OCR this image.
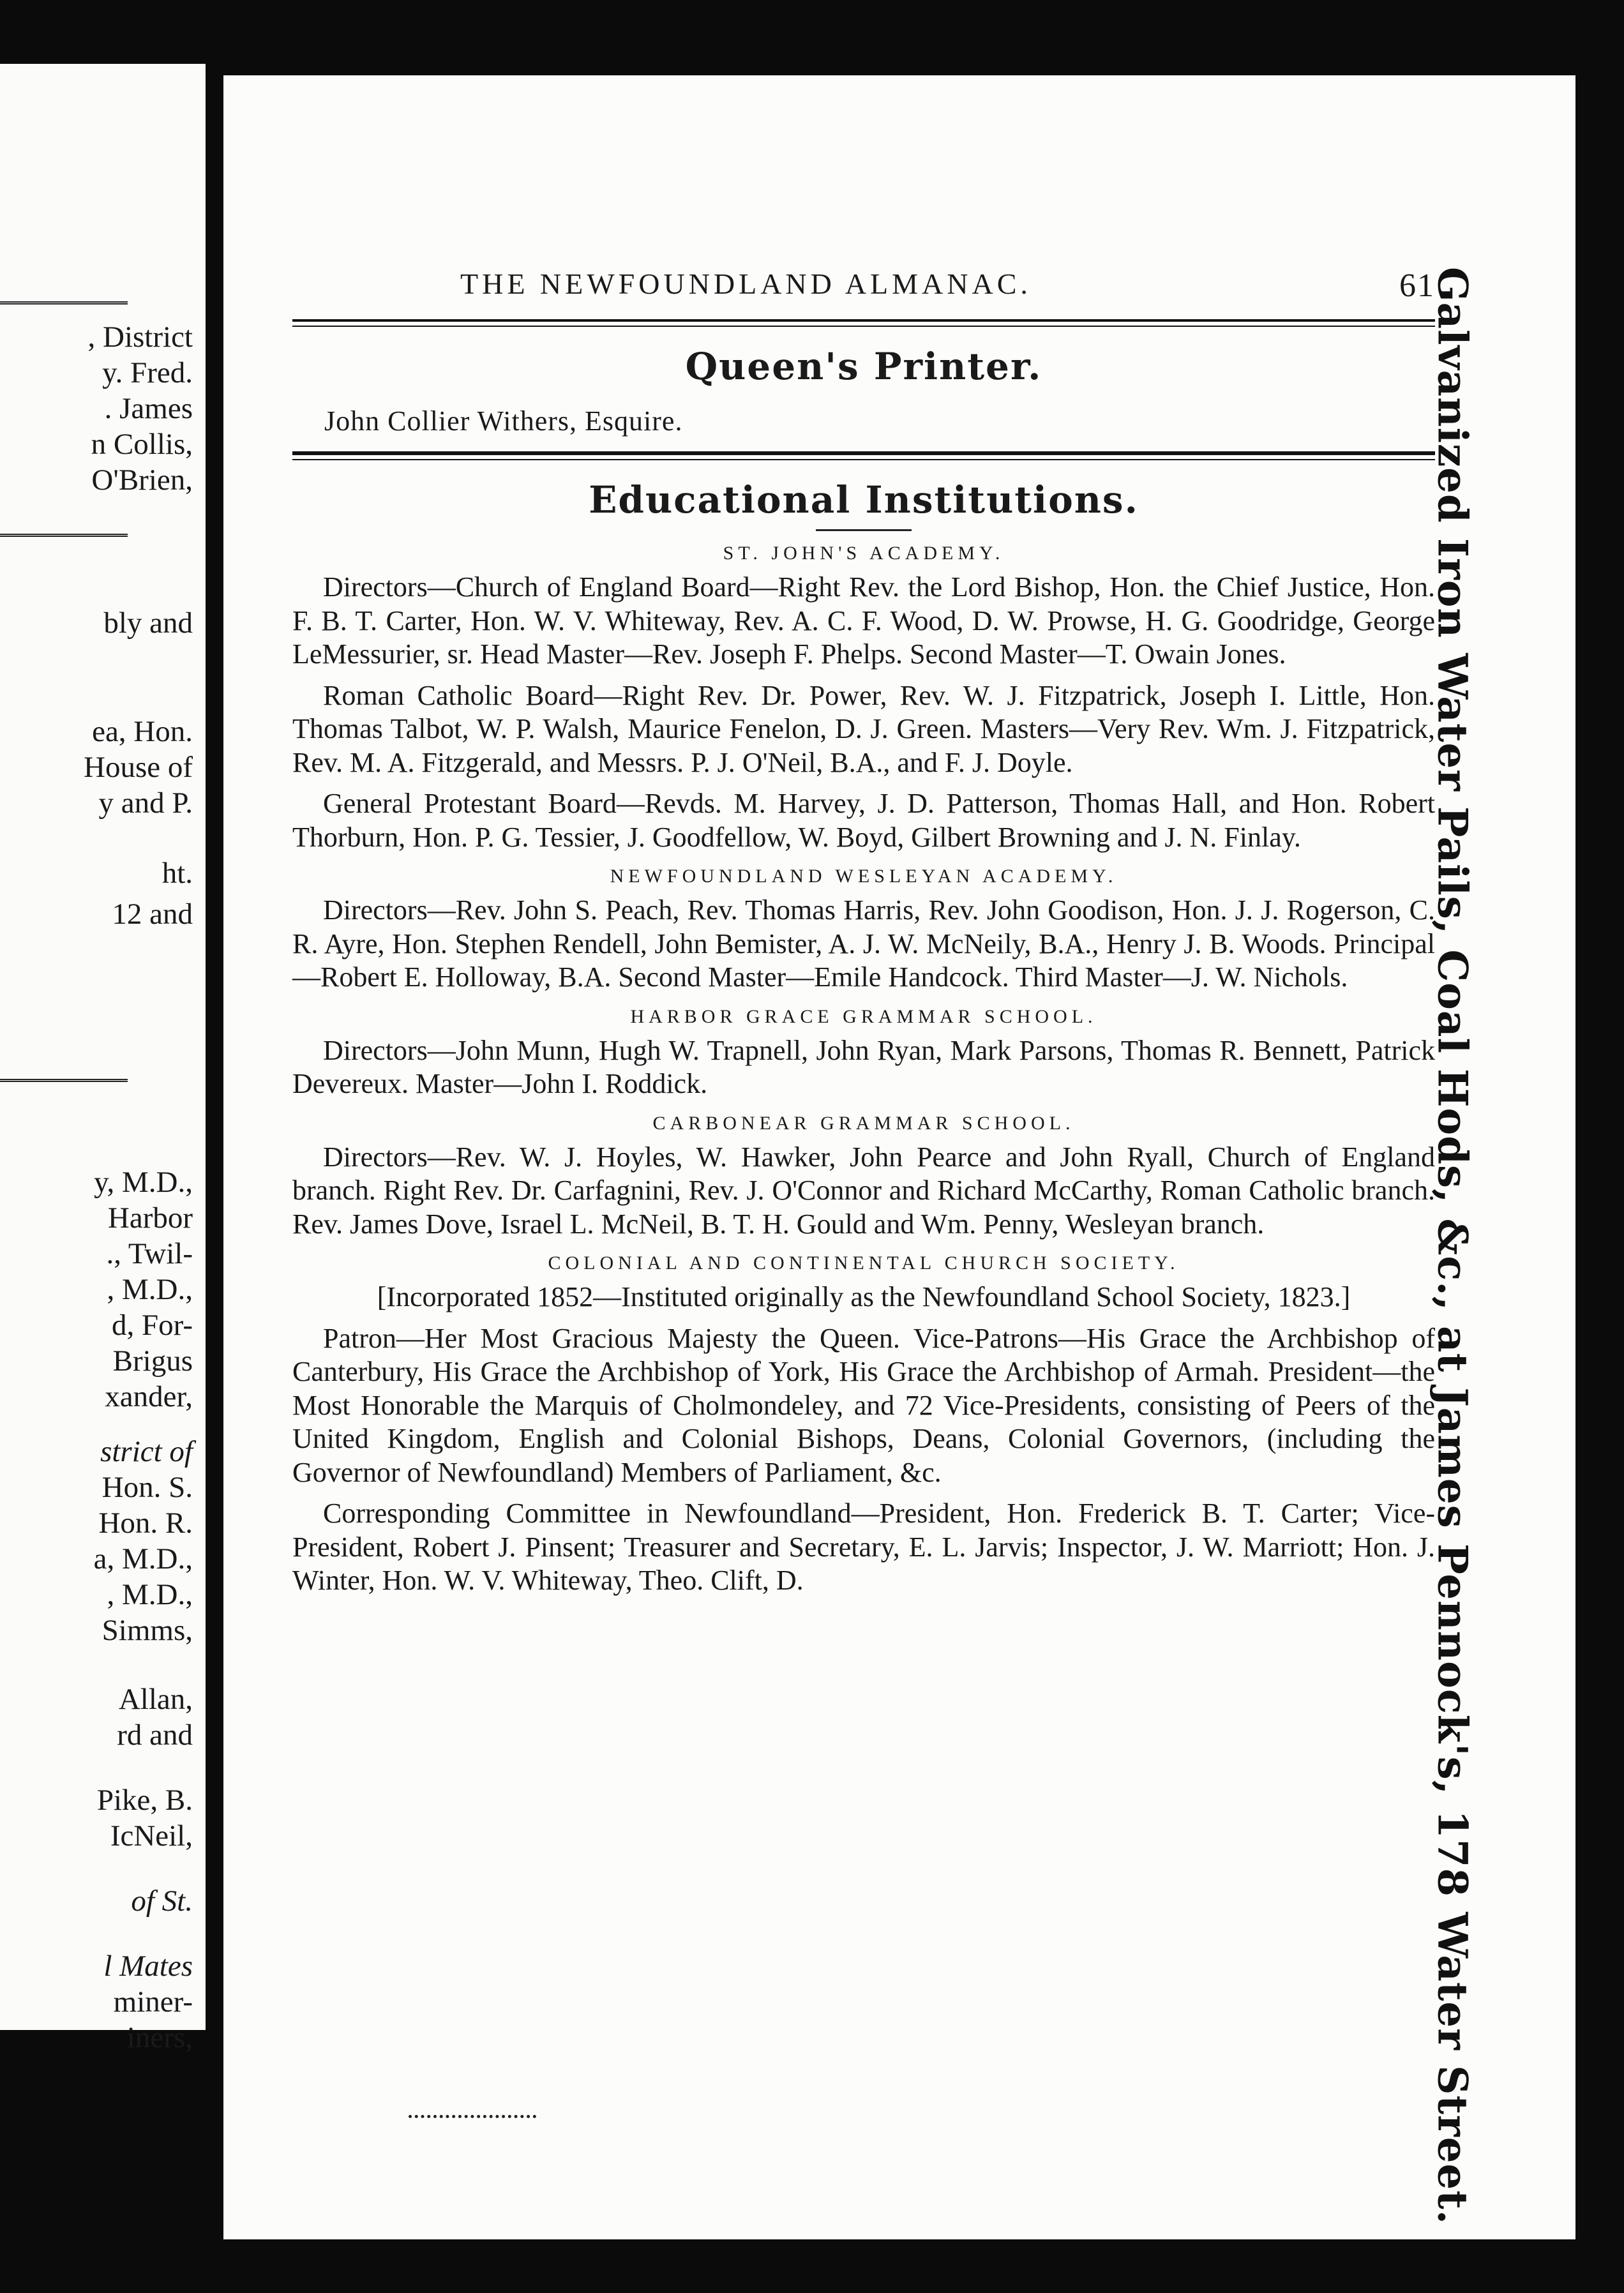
, District
y. Fred.
. James
n Collis,
O'Brien,
bly and
ea, Hon.
House of
y and P.
ht.
12 and
y, M.D.,
Harbor
., Twil-
, M.D.,
d, For-
Brigus
xander,
strict of
Hon. S.
Hon. R.
a, M.D.,
, M.D.,
Simms,
Allan,
rd and
Pike, B.
IcNeil,
of St.
l Mates
miner-
iners,
THE NEWFOUNDLAND ALMANAC.	61
Queen's Printer.
John Collier Withers, Esquire.
Educational Institutions.
ST. JOHN'S ACADEMY.

Directors—Church of England Board—Right Rev. the Lord Bishop, Hon. the Chief Justice, Hon. F. B. T. Carter, Hon. W. V. Whiteway, Rev. A. C. F. Wood, D. W. Prowse, H. G. Goodridge, George LeMessurier, sr. Head Master—Rev. Joseph F. Phelps. Second Master—T. Owain Jones.

Roman Catholic Board—Right Rev. Dr. Power, Rev. W. J. Fitzpatrick, Joseph I. Little, Hon. Thomas Talbot, W. P. Walsh, Maurice Fenelon, D. J. Green. Masters—Very Rev. Wm. J. Fitzpatrick, Rev. M. A. Fitzgerald, and Messrs. P. J. O'Neil, B.A., and F. J. Doyle.

General Protestant Board—Revds. M. Harvey, J. D. Patterson, Thomas Hall, and Hon. Robert Thorburn, Hon. P. G. Tessier, J. Goodfellow, W. Boyd, Gilbert Browning and J. N. Finlay.

NEWFOUNDLAND WESLEYAN ACADEMY.

Directors—Rev. John S. Peach, Rev. Thomas Harris, Rev. John Goodison, Hon. J. J. Rogerson, C. R. Ayre, Hon. Stephen Rendell, John Bemister, A. J. W. McNeily, B.A., Henry J. B. Woods. Principal—Robert E. Holloway, B.A. Second Master—Emile Handcock. Third Master—J. W. Nichols.

HARBOR GRACE GRAMMAR SCHOOL.

Directors—John Munn, Hugh W. Trapnell, John Ryan, Mark Parsons, Thomas R. Bennett, Patrick Devereux. Master—John I. Roddick.

CARBONEAR GRAMMAR SCHOOL.

Directors—Rev. W. J. Hoyles, W. Hawker, John Pearce and John Ryall, Church of England branch. Right Rev. Dr. Carfagnini, Rev. J. O'Connor and Richard McCarthy, Roman Catholic branch. Rev. James Dove, Israel L. McNeil, B. T. H. Gould and Wm. Penny, Wesleyan branch.

COLONIAL AND CONTINENTAL CHURCH SOCIETY.

[Incorporated 1852—Instituted originally as the Newfoundland School Society, 1823.]

Patron—Her Most Gracious Majesty the Queen. Vice-Patrons—His Grace the Archbishop of Canterbury, His Grace the Archbishop of York, His Grace the Archbishop of Armah. President—the Most Honorable the Marquis of Cholmondeley, and 72 Vice-Presidents, consisting of Peers of the United Kingdom, English and Colonial Bishops, Deans, Colonial Governors, (including the Governor of Newfoundland) Members of Parliament, &c.

Corresponding Committee in Newfoundland—President, Hon. Frederick B. T. Carter; Vice-President, Robert J. Pinsent; Treasurer and Secretary, E. L. Jarvis; Inspector, J. W. Marriott; Hon. J. Winter, Hon. W. V. Whiteway, Theo. Clift, D.	Galvanized Iron Water Pails, Coal Hods, &c., at James Pennock's, 178 Water Street.
